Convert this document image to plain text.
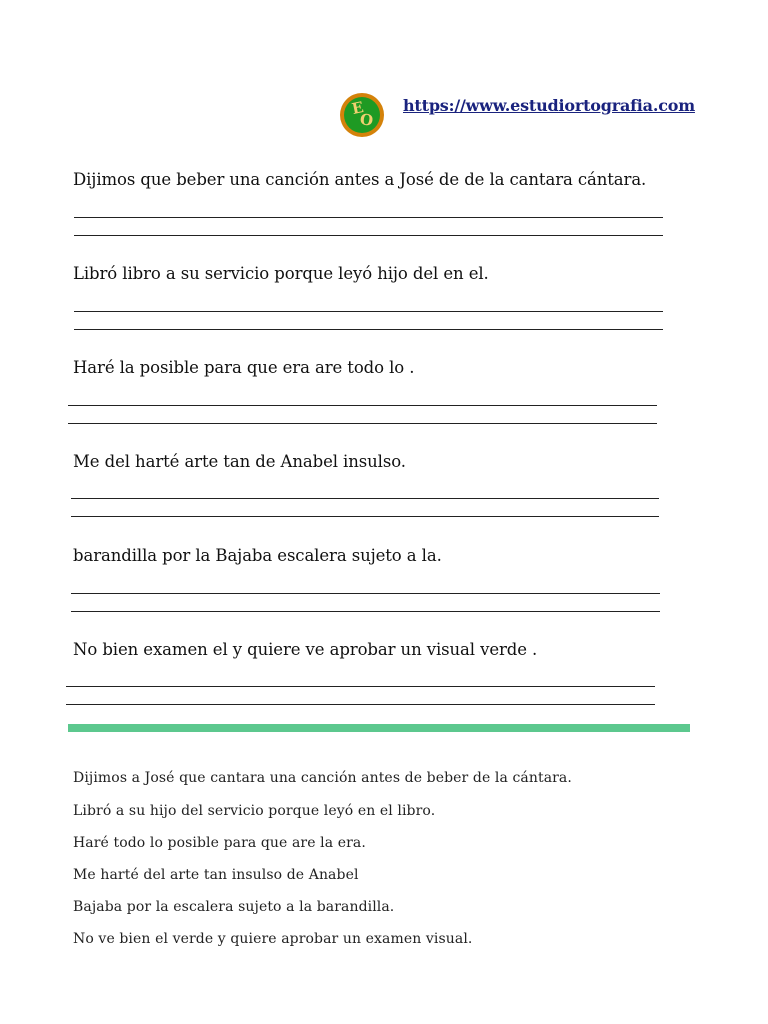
E
O
https://www.estudiortografia.com
Dijimos que beber una canción antes a José de de la cantara cántara.
Libró libro a su servicio porque leyó hijo del en el.
Haré la posible para que era are todo lo .
Me del harté arte tan de Anabel insulso.
barandilla por la Bajaba escalera sujeto a la.
No bien examen el y quiere ve aprobar un visual verde .
Dijimos a José que cantara una canción antes de beber de la cántara.
Libró a su hijo del servicio porque leyó en el libro.
Haré todo lo posible para que are la era.
Me harté del arte tan insulso de Anabel
Bajaba por la escalera sujeto a la barandilla.
No ve bien el verde y quiere aprobar un examen visual.
